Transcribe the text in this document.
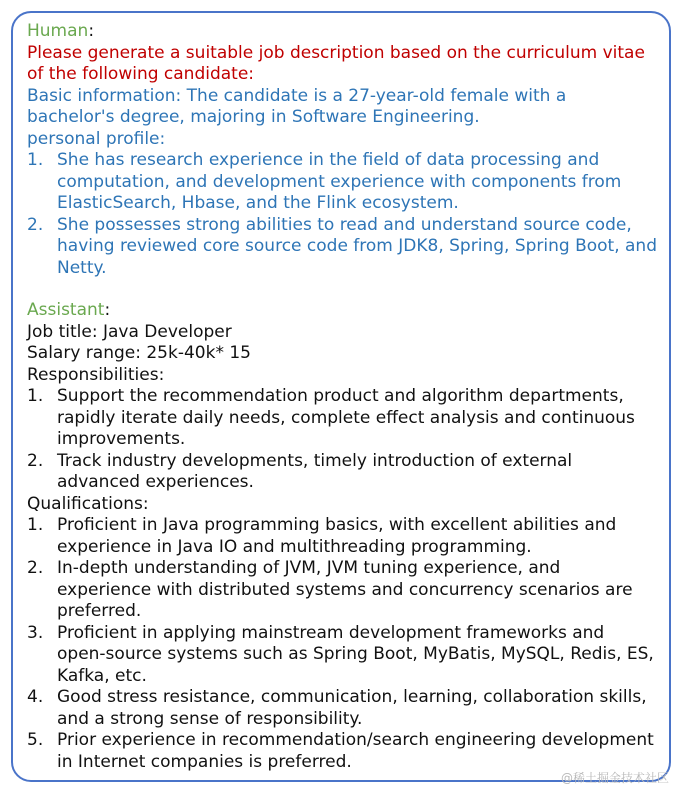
Human:
Please generate a suitable job description based on the curriculum vitae of the following candidate:
Basic information: The candidate is a 27-year-old female with a bachelor's degree, majoring in Software Engineering.
personal profile:
1. She has research experience in the field of data processing and computation, and development experience with components from ElasticSearch, Hbase, and the Flink ecosystem.
2. She possesses strong abilities to read and understand source code, having reviewed core source code from JDK8, Spring, Spring Boot, and Netty.
Assistant:
Job title: Java Developer
Salary range: 25k-40k* 15
Responsibilities:
1. Support the recommendation product and algorithm departments, rapidly iterate daily needs, complete effect analysis and continuous improvements.
2. Track industry developments, timely introduction of external advanced experiences.
Qualifications:
1. Proficient in Java programming basics, with excellent abilities and experience in Java IO and multithreading programming.
2. In-depth understanding of JVM, JVM tuning experience, and experience with distributed systems and concurrency scenarios are preferred.
3. Proficient in applying mainstream development frameworks and open-source systems such as Spring Boot, MyBatis, MySQL, Redis, ES, Kafka, etc.
4. Good stress resistance, communication, learning, collaboration skills, and a strong sense of responsibility.
5. Prior experience in recommendation/search engineering development in Internet companies is preferred.
@稀土掘金技术社区
